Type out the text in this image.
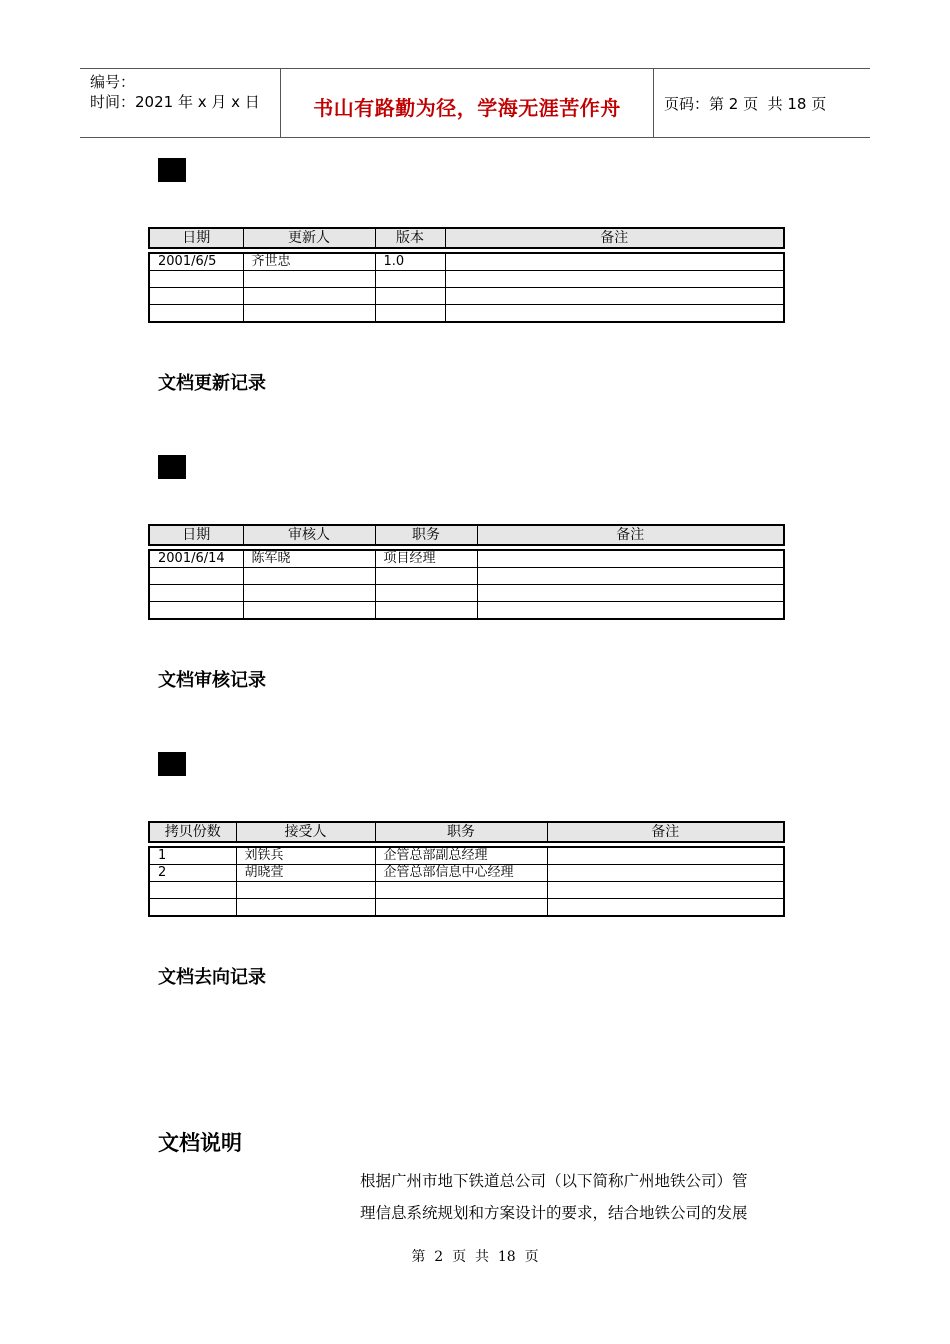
编号：
时间：2021 年 x 月 x 日	书山有路勤为径，学海无涯苦作舟	页码：第 2 页  共 18 页
日期	更新人	版本	备注

2001/6/5	齐世忠	1.0	

文档更新记录
日期	审核人	职务	备注

2001/6/14	陈军晓	项目经理	

文档审核记录
拷贝份数	接受人	职务	备注

1	刘铁兵	企管总部副总经理	
2	胡晓萱	企管总部信息中心经理	

文档去向记录
文档说明
根据广州市地下铁道总公司（以下简称广州地铁公司）管
理信息系统规划和方案设计的要求，结合地铁公司的发展
第  2  页  共  18  页
